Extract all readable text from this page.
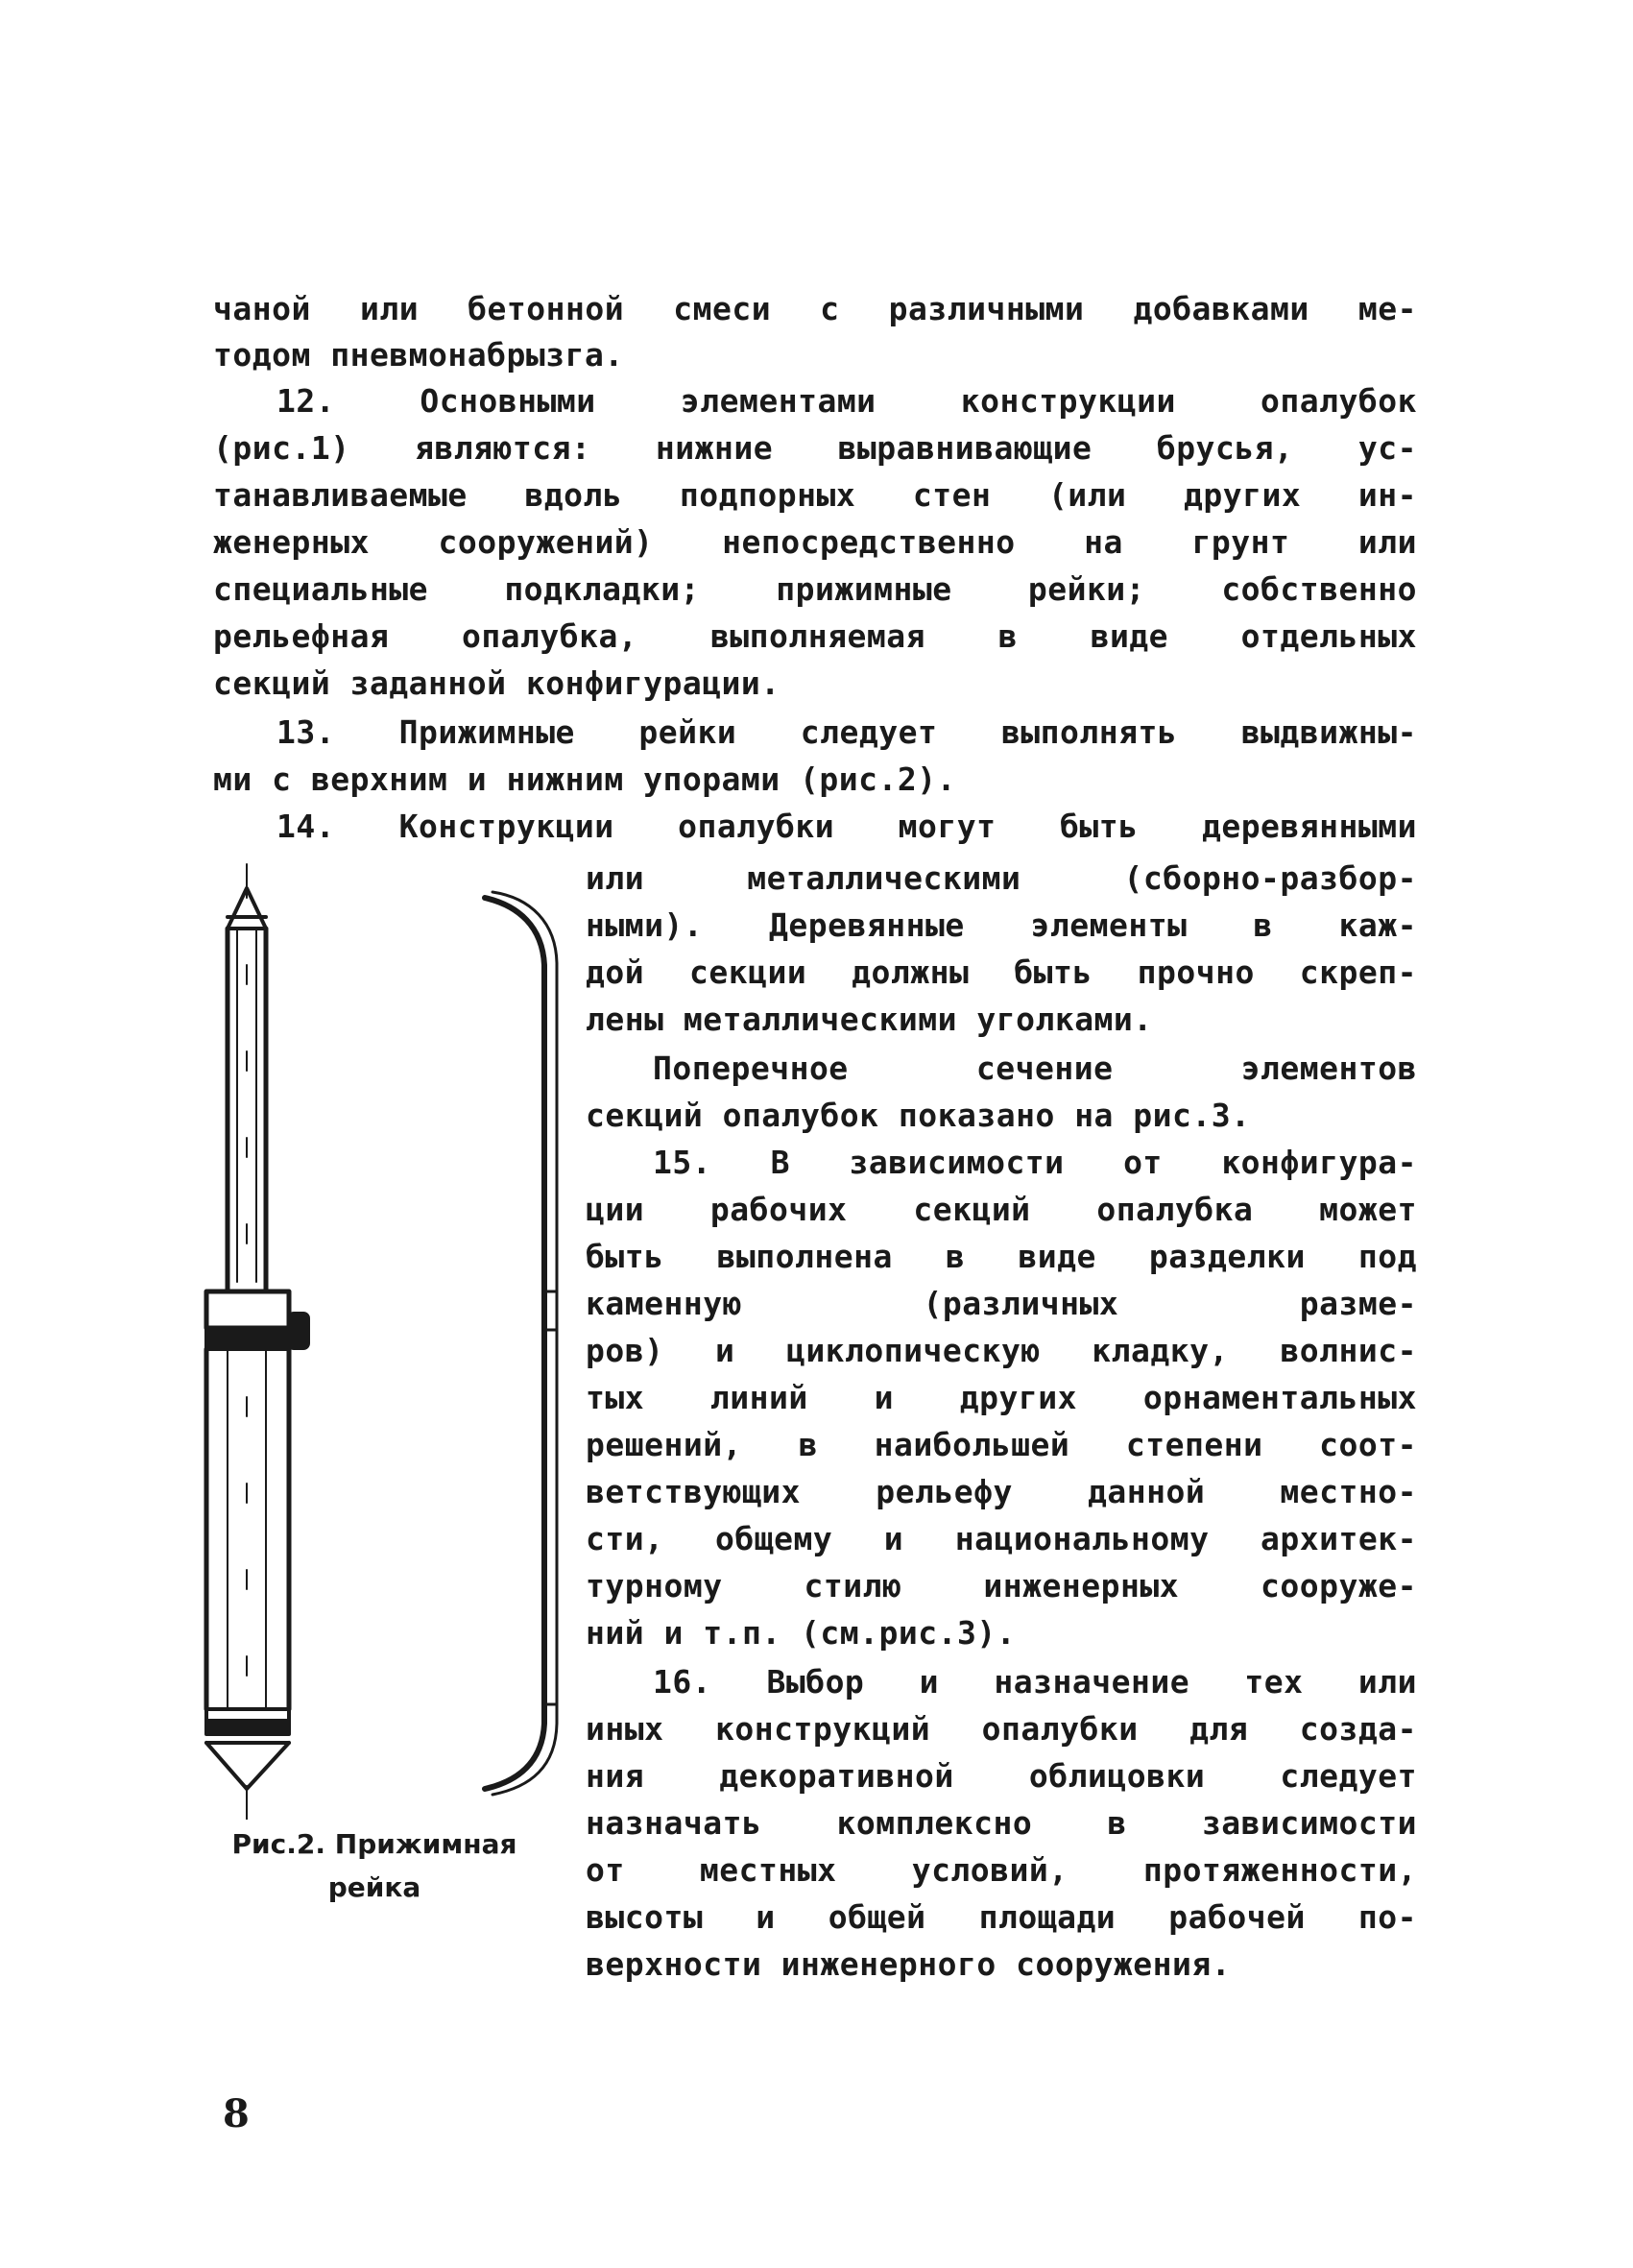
чаной или бетонной смеси с различными добавками ме-
тодом пневмонабрызга.
12. Основными элементами конструкции опалубок
(рис.1) являются: нижние выравнивающие брусья, ус-
танавливаемые вдоль подпорных стен (или других ин-
женерных сооружений) непосредственно на грунт или
специальные подкладки; прижимные рейки; собственно
рельефная опалубка, выполняемая в виде отдельных
секций заданной конфигурации.
13. Прижимные рейки следует выполнять выдвижны-
ми с верхним и нижним упорами (рис.2).
14. Конструкции опалубки могут быть деревянными
или металлическими (сборно-разбор-
ными). Деревянные элементы в каж-
дой секции должны быть прочно скреп-
лены металлическими уголками.
Поперечное сечение элементов
секций опалубок показано на рис.3.
15. В зависимости от конфигура-
ции рабочих секций опалубка может
быть выполнена в виде разделки под
каменную (различных разме-
ров) и циклопическую кладку, волнис-
тых линий и других орнаментальных
решений, в наибольшей степени соот-
ветствующих рельефу данной местно-
сти, общему и национальному архитек-
турному стилю инженерных сооруже-
ний и т.п. (см.рис.3).
16. Выбор и назначение тех или
иных конструкций опалубки для созда-
ния декоративной облицовки следует
назначать комплексно в зависимости
от местных условий, протяженности,
высоты и общей площади рабочей по-
верхности инженерного сооружения.
Рис.2. Прижимная
рейка
8
